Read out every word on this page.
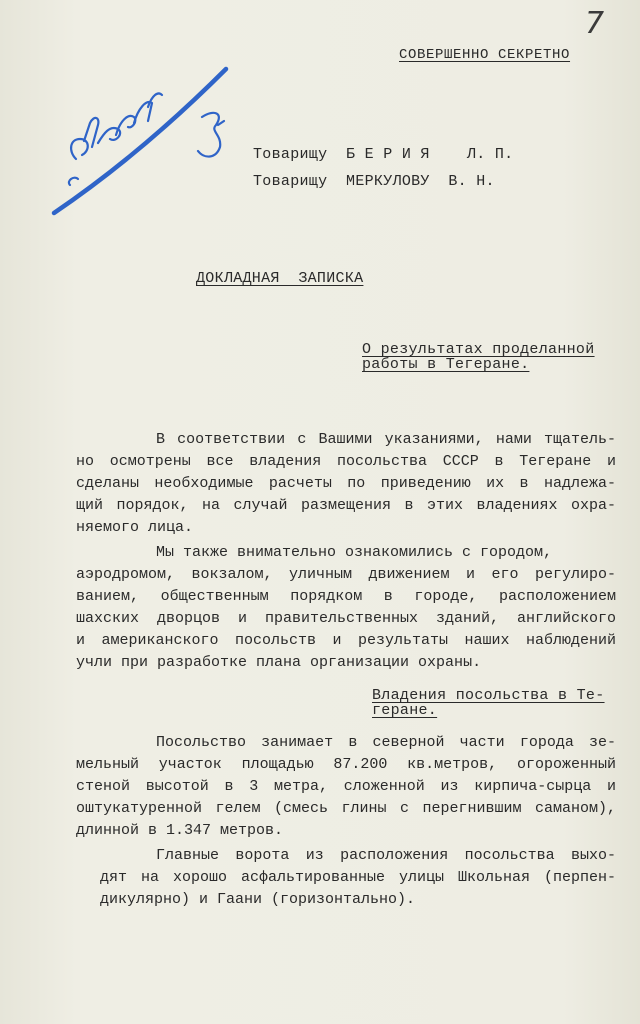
7
СОВЕРШЕННО СЕКРЕТНО
Товарищу  Б Е Р И Я    Л. П.
Товарищу  МЕРКУЛОВУ  В. Н.
ДОКЛАДНАЯ  ЗАПИСКА
О результатах проделанной
работы в Тегеране.
В соответствии с Вашими указаниями, нами тщатель-
но осмотрены все владения посольства СССР в Тегеране и
сделаны необходимые расчеты по приведению их в надлежа-
щий порядок, на случай размещения в этих владениях охра-
няемого лица.
Мы также внимательно ознакомились с городом,
аэродромом, вокзалом, уличным движением и его регулиро-
ванием, общественным порядком в городе, расположением
шахских дворцов и правительственных зданий, английского
и американского посольств и результаты наших наблюдений
учли при разработке плана организации охраны.
Владения посольства в Те-
геране.
Посольство занимает в северной части города зе-
мельный участок площадью 87.200 кв.метров, огороженный
стеной высотой в 3 метра, сложенной из кирпича-сырца и
оштукатуренной гелем (смесь глины с перегнившим саманом),
длинной в 1.347 метров.
Главные ворота из расположения посольства выхо-
дят на хорошо асфальтированные улицы Школьная (перпен-
дикулярно) и Гаани (горизонтально).
